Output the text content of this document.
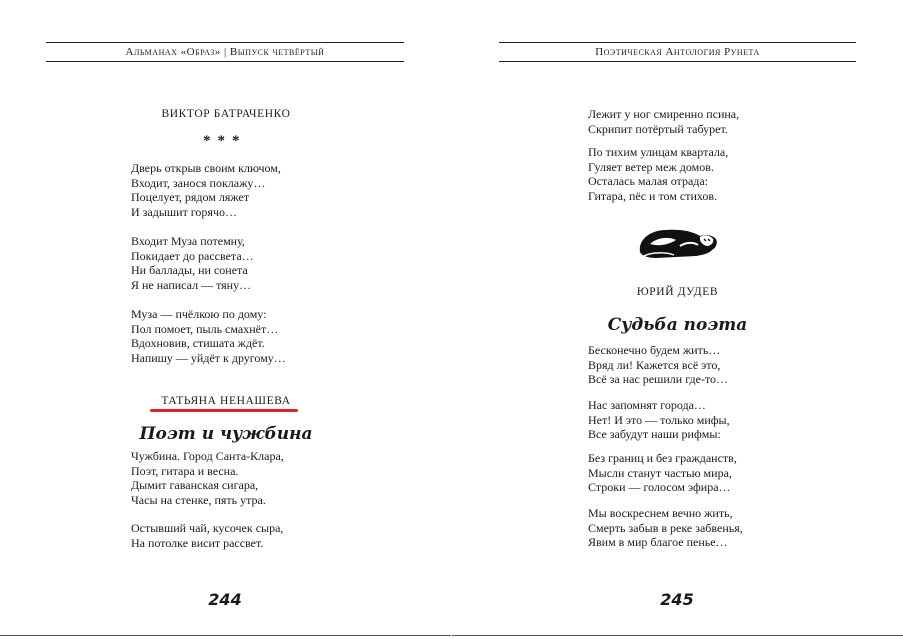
Альманах «Образ» | Выпуск четвёртый
ВИКТОР БАТРАЧЕНКО
***
Дверь открыв своим ключом,
Входит, занося поклажу…
Поцелует, рядом ляжет
И задышит горячо…
Входит Муза потемну,
Покидает до рассвета…
Ни баллады, ни сонета
Я не написал — тяну…
Муза — пчёлкою по дому:
Пол помоет, пыль смахнёт…
Вдохновив, стишата ждёт.
Напишу — уйдёт к другому…
ТАТЬЯНА НЕНАШЕВА
Поэт и чужбина
Чужбина. Город Санта-Клара,
Поэт, гитара и весна.
Дымит гаванская сигара,
Часы на стенке, пять утра.
Остывший чай, кусочек сыра,
На потолке висит рассвет.
244
Поэтическая Антология Рунета
Лежит у ног смиренно псина,
Скрипит потёртый табурет.
По тихим улицам квартала,
Гуляет ветер меж домов.
Осталась малая отрада:
Гитара, пёс и том стихов.
ЮРИЙ ДУДЕВ
Судьба поэта
Бесконечно будем жить…
Вряд ли! Кажется всё это,
Всё за нас решили где-то…
Нас запомнят города…
Нет! И это — только мифы,
Все забудут наши рифмы:
Без границ и без гражданств,
Мысли станут частью мира,
Строки — голосом эфира…
Мы воскреснем вечно жить,
Смерть забыв в реке забвенья,
Явим в мир благое пенье…
245
